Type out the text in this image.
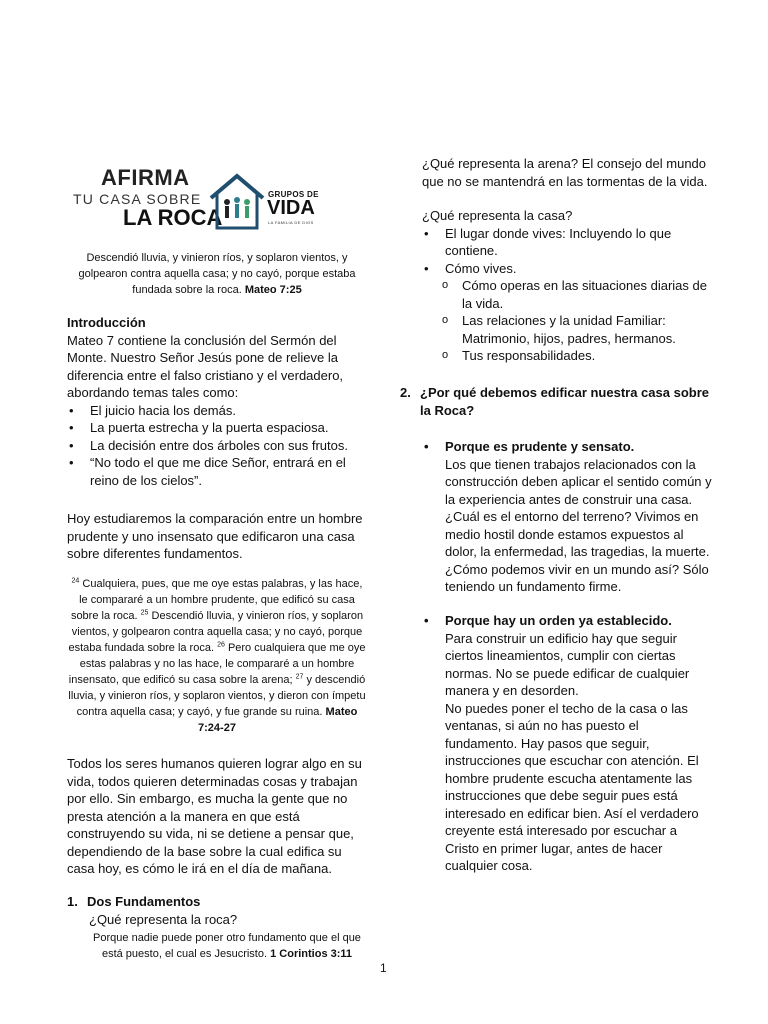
AFIRMA
TU CASA SOBRE
LA ROCA
GRUPOS DE
VIDA
LA FAMILIA DE DIOS

Descendió lluvia, y vinieron ríos, y soplaron vientos, y golpearon contra aquella casa; y no cayó, porque estaba fundada sobre la roca. Mateo 7:25

Introducción

Mateo 7 contiene la conclusión del Sermón del Monte. Nuestro Señor Jesús pone de relieve la diferencia entre el falso cristiano y el verdadero, abordando temas tales como:

• El juicio hacia los demás.
• La puerta estrecha y la puerta espaciosa.
• La decisión entre dos árboles con sus frutos.
• “No todo el que me dice Señor, entrará en el reino de los cielos”.

Hoy estudiaremos la comparación entre un hombre prudente y uno insensato que edificaron una casa sobre diferentes fundamentos.

$^{24}$ Cualquiera, pues, que me oye estas palabras, y las hace, le compararé a un hombre prudente, que edificó su casa sobre la roca. $^{25}$ Descendió lluvia, y vinieron ríos, y soplaron vientos, y golpearon contra aquella casa; y no cayó, porque estaba fundada sobre la roca. $^{26}$ Pero cualquiera que me oye estas palabras y no las hace, le compararé a un hombre insensato, que edificó su casa sobre la arena; $^{27}$ y descendió lluvia, y vinieron ríos, y soplaron vientos, y dieron con ímpetu contra aquella casa; y cayó, y fue grande su ruina. Mateo 7:24-27

Todos los seres humanos quieren lograr algo en su vida, todos quieren determinadas cosas y trabajan por ello. Sin embargo, es mucha la gente que no presta atención a la manera en que está construyendo su vida, ni se detiene a pensar que, dependiendo de la base sobre la cual edifica su casa hoy, es cómo le irá en el día de mañana.

1. Dos Fundamentos

¿Qué representa la roca?

Porque nadie puede poner otro fundamento que el que está puesto, el cual es Jesucristo. 1 Corintios 3:11

¿Qué representa la arena? El consejo del mundo que no se mantendrá en las tormentas de la vida.

¿Qué representa la casa?

• El lugar donde vives: Incluyendo lo que contiene.
• Cómo vives.
o Cómo operas en las situaciones diarias de la vida.
o Las relaciones y la unidad Familiar: Matrimonio, hijos, padres, hermanos.
o Tus responsabilidades.

2. ¿Por qué debemos edificar nuestra casa sobre la Roca?

• Porque es prudente y sensato.

Los que tienen trabajos relacionados con la construcción deben aplicar el sentido común y la experiencia antes de construir una casa. ¿Cuál es el entorno del terreno? Vivimos en medio hostil donde estamos expuestos al dolor, la enfermedad, las tragedias, la muerte. ¿Cómo podemos vivir en un mundo así? Sólo teniendo un fundamento firme.

• Porque hay un orden ya establecido.

Para construir un edificio hay que seguir ciertos lineamientos, cumplir con ciertas normas. No se puede edificar de cualquier manera y en desorden.

No puedes poner el techo de la casa o las ventanas, si aún no has puesto el fundamento. Hay pasos que seguir, instrucciones que escuchar con atención. El hombre prudente escucha atentamente las instrucciones que debe seguir pues está interesado en edificar bien. Así el verdadero creyente está interesado por escuchar a Cristo en primer lugar, antes de hacer cualquier cosa.

1
